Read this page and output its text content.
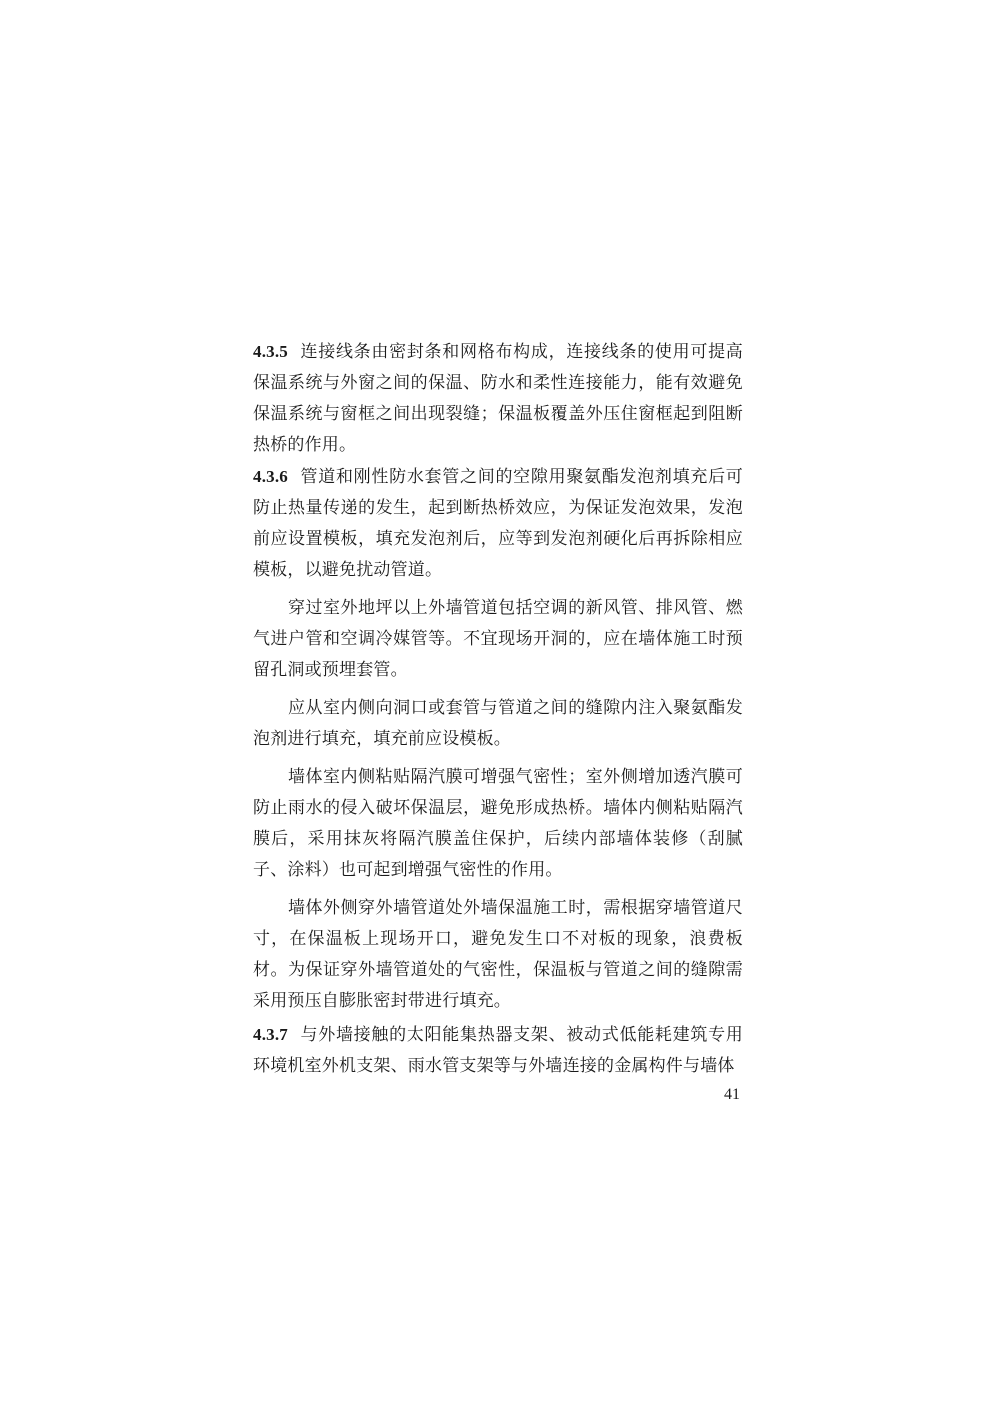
4.3.5 连接线条由密封条和网格布构成，连接线条的使用可提高保温系统与外窗之间的保温、防水和柔性连接能力，能有效避免保温系统与窗框之间出现裂缝；保温板覆盖外压住窗框起到阻断热桥的作用。

4.3.6 管道和刚性防水套管之间的空隙用聚氨酯发泡剂填充后可防止热量传递的发生，起到断热桥效应，为保证发泡效果，发泡前应设置模板，填充发泡剂后，应等到发泡剂硬化后再拆除相应模板，以避免扰动管道。

穿过室外地坪以上外墙管道包括空调的新风管、排风管、燃气进户管和空调冷媒管等。不宜现场开洞的，应在墙体施工时预留孔洞或预埋套管。

应从室内侧向洞口或套管与管道之间的缝隙内注入聚氨酯发泡剂进行填充，填充前应设模板。

墙体室内侧粘贴隔汽膜可增强气密性；室外侧增加透汽膜可防止雨水的侵入破坏保温层，避免形成热桥。墙体内侧粘贴隔汽膜后，采用抹灰将隔汽膜盖住保护，后续内部墙体装修（刮腻子、涂料）也可起到增强气密性的作用。

墙体外侧穿外墙管道处外墙保温施工时，需根据穿墙管道尺寸，在保温板上现场开口，避免发生口不对板的现象，浪费板材。为保证穿外墙管道处的气密性，保温板与管道之间的缝隙需采用预压自膨胀密封带进行填充。

4.3.7 与外墙接触的太阳能集热器支架、被动式低能耗建筑专用环境机室外机支架、雨水管支架等与外墙连接的金属构件与墙体

41
